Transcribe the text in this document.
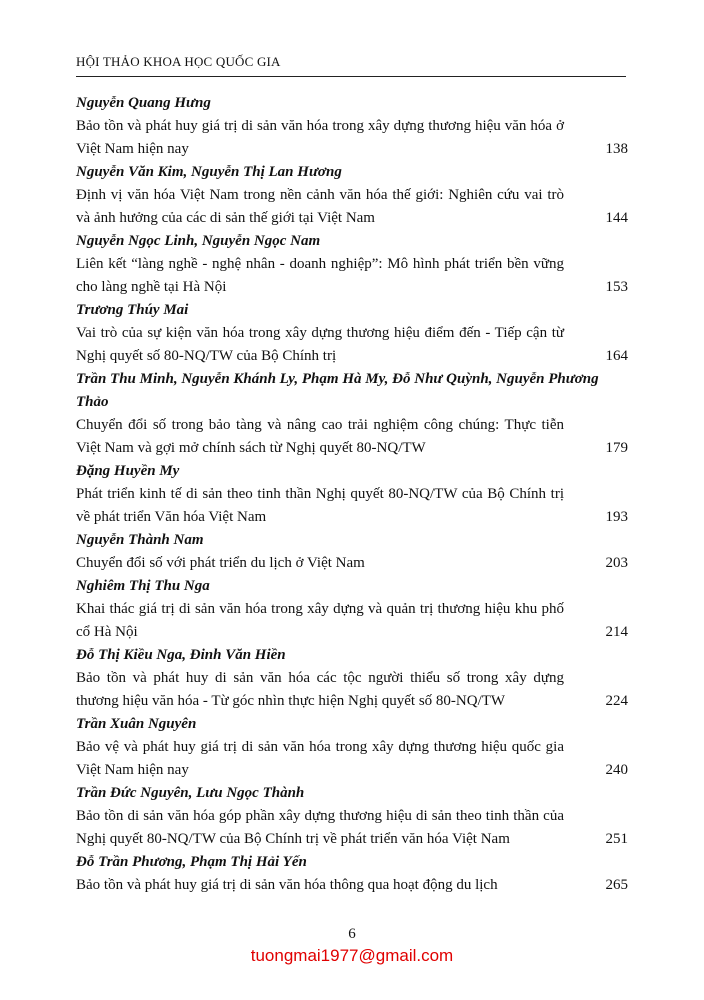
HỘI THẢO KHOA HỌC QUỐC GIA
Nguyễn Quang Hưng
Bảo tồn và phát huy giá trị di sản văn hóa trong xây dựng thương hiệu văn hóa ở Việt Nam hiện nay	138
Nguyễn Văn Kim, Nguyễn Thị Lan Hương
Định vị văn hóa Việt Nam trong nền cảnh văn hóa thế giới: Nghiên cứu vai trò và ảnh hưởng của các di sản thế giới tại Việt Nam	144
Nguyễn Ngọc Linh, Nguyễn Ngọc Nam
Liên kết “làng nghề - nghệ nhân - doanh nghiệp”: Mô hình phát triển bền vững cho làng nghề tại Hà Nội	153
Trương Thúy Mai
Vai trò của sự kiện văn hóa trong xây dựng thương hiệu điểm đến - Tiếp cận từ Nghị quyết số 80-NQ/TW của Bộ Chính trị	164
Trần Thu Minh, Nguyễn Khánh Ly, Phạm Hà My, Đỗ Như Quỳnh, Nguyễn Phương Thảo
Chuyển đổi số trong bảo tàng và nâng cao trải nghiệm công chúng: Thực tiễn Việt Nam và gợi mở chính sách từ Nghị quyết 80-NQ/TW	179
Đặng Huyền My
Phát triển kinh tế di sản theo tinh thần Nghị quyết 80-NQ/TW của Bộ Chính trị về phát triển Văn hóa Việt Nam	193
Nguyễn Thành Nam
Chuyển đổi số với phát triển du lịch ở Việt Nam	203
Nghiêm Thị Thu Nga
Khai thác giá trị di sản văn hóa trong xây dựng và quản trị thương hiệu khu phố cổ Hà Nội	214
Đỗ Thị Kiều Nga, Đinh Văn Hiền
Bảo tồn và phát huy di sản văn hóa các tộc người thiểu số trong xây dựng thương hiệu văn hóa - Từ góc nhìn thực hiện Nghị quyết số 80-NQ/TW	224
Trần Xuân Nguyên
Bảo vệ và phát huy giá trị di sản văn hóa trong xây dựng thương hiệu quốc gia Việt Nam hiện nay	240
Trần Đức Nguyên, Lưu Ngọc Thành
Bảo tồn di sản văn hóa góp phần xây dựng thương hiệu di sản theo tinh thần của Nghị quyết 80-NQ/TW của Bộ Chính trị về phát triển văn hóa Việt Nam	251
Đỗ Trần Phương, Phạm Thị Hải Yến
Bảo tồn và phát huy giá trị di sản văn hóa thông qua hoạt động du lịch	265
6
tuongmai1977@gmail.com
